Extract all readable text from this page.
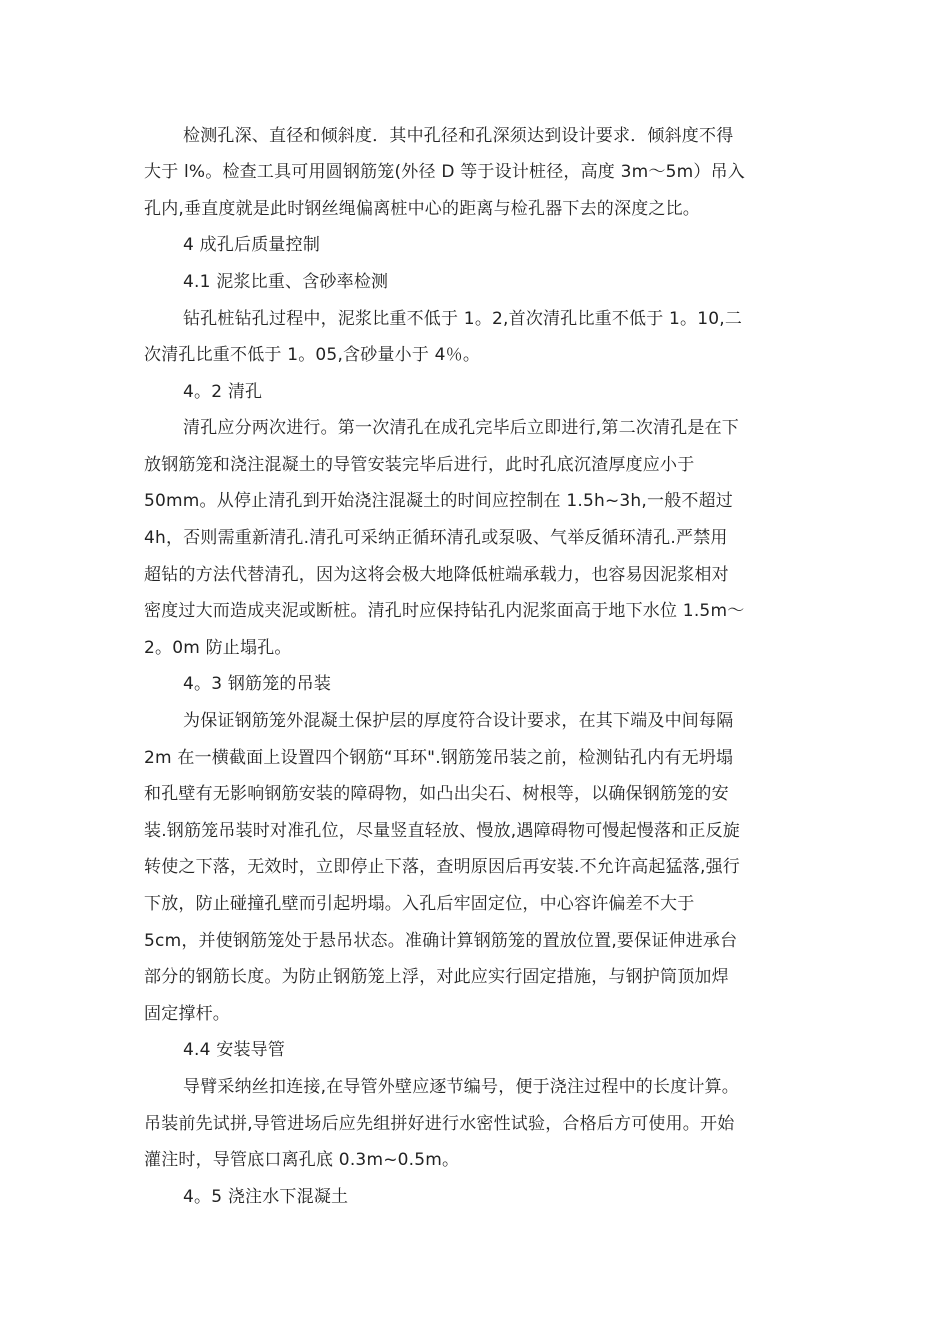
检测孔深、直径和倾斜度．其中孔径和孔深须达到设计要求．倾斜度不得
大于 l%。检查工具可用圆钢筋笼(外径 D 等于设计桩径，高度 3m～5m）吊入
孔内,垂直度就是此时钢丝绳偏离桩中心的距离与检孔器下去的深度之比。
4 成孔后质量控制
4.1 泥浆比重、含砂率检测
钻孔桩钻孔过程中，泥浆比重不低于 1。2,首次清孔比重不低于 1。10,二
次清孔比重不低于 1。05,含砂量小于 4％。
4。2 清孔
清孔应分两次进行。第一次清孔在成孔完毕后立即进行,第二次清孔是在下
放钢筋笼和浇注混凝土的导管安装完毕后进行，此时孔底沉渣厚度应小于
50mm。从停止清孔到开始浇注混凝土的时间应控制在 1.5h~3h,一般不超过
4h，否则需重新清孔.清孔可采纳正循环清孔或泵吸、气举反循环清孔.严禁用
超钻的方法代替清孔，因为这将会极大地降低桩端承载力，也容易因泥浆相对
密度过大而造成夹泥或断桩。清孔时应保持钻孔内泥浆面高于地下水位 1.5m～
2。0m 防止塌孔。
4。3 钢筋笼的吊装
为保证钢筋笼外混凝土保护层的厚度符合设计要求，在其下端及中间每隔
2m 在一横截面上设置四个钢筋“耳环".钢筋笼吊装之前，检测钻孔内有无坍塌
和孔壁有无影响钢筋安装的障碍物，如凸出尖石、树根等，以确保钢筋笼的安
装.钢筋笼吊装时对准孔位，尽量竖直轻放、慢放,遇障碍物可慢起慢落和正反旋
转使之下落，无效时，立即停止下落，查明原因后再安装.不允许高起猛落,强行
下放，防止碰撞孔壁而引起坍塌。入孔后牢固定位，中心容许偏差不大于
5cm，并使钢筋笼处于悬吊状态。准确计算钢筋笼的置放位置,要保证伸进承台
部分的钢筋长度。为防止钢筋笼上浮，对此应实行固定措施，与钢护筒顶加焊
固定撑杆。
4.4 安装导管
导臂采纳丝扣连接,在导管外壁应逐节编号，便于浇注过程中的长度计算。
吊装前先试拼,导管进场后应先组拼好进行水密性试验，合格后方可使用。开始
灌注时，导管底口离孔底 0.3m~0.5m。
4。5 浇注水下混凝土
